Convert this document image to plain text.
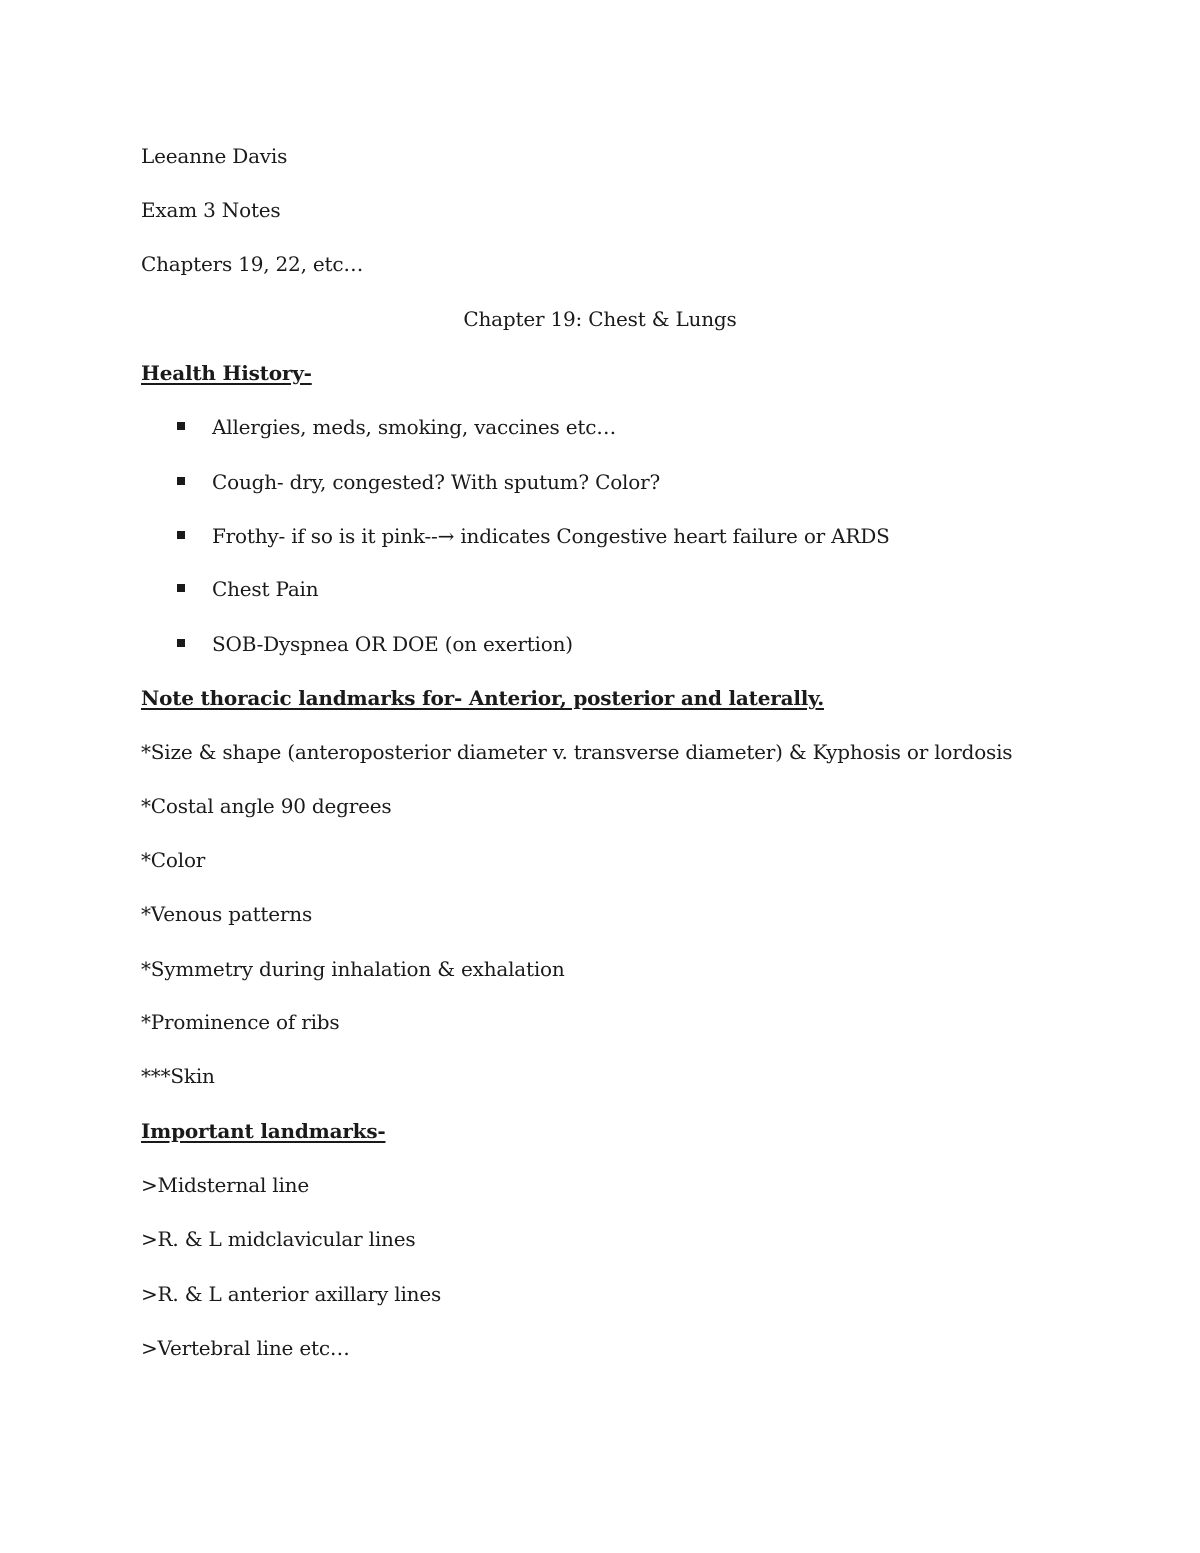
Leeanne Davis
Exam 3 Notes
Chapters 19, 22, etc…
Chapter 19: Chest & Lungs
Health History-
Allergies, meds, smoking, vaccines etc…
Cough- dry, congested? With sputum? Color?
Frothy- if so is it pink--→ indicates Congestive heart failure or ARDS
Chest Pain
SOB-Dyspnea OR DOE (on exertion)
Note thoracic landmarks for- Anterior, posterior and laterally.
*Size & shape (anteroposterior diameter v. transverse diameter) & Kyphosis or lordosis
*Costal angle 90 degrees
*Color
*Venous patterns
*Symmetry during inhalation & exhalation
*Prominence of ribs
***Skin
Important landmarks-
>Midsternal line
>R. & L midclavicular lines
>R. & L anterior axillary lines
>Vertebral line etc…
